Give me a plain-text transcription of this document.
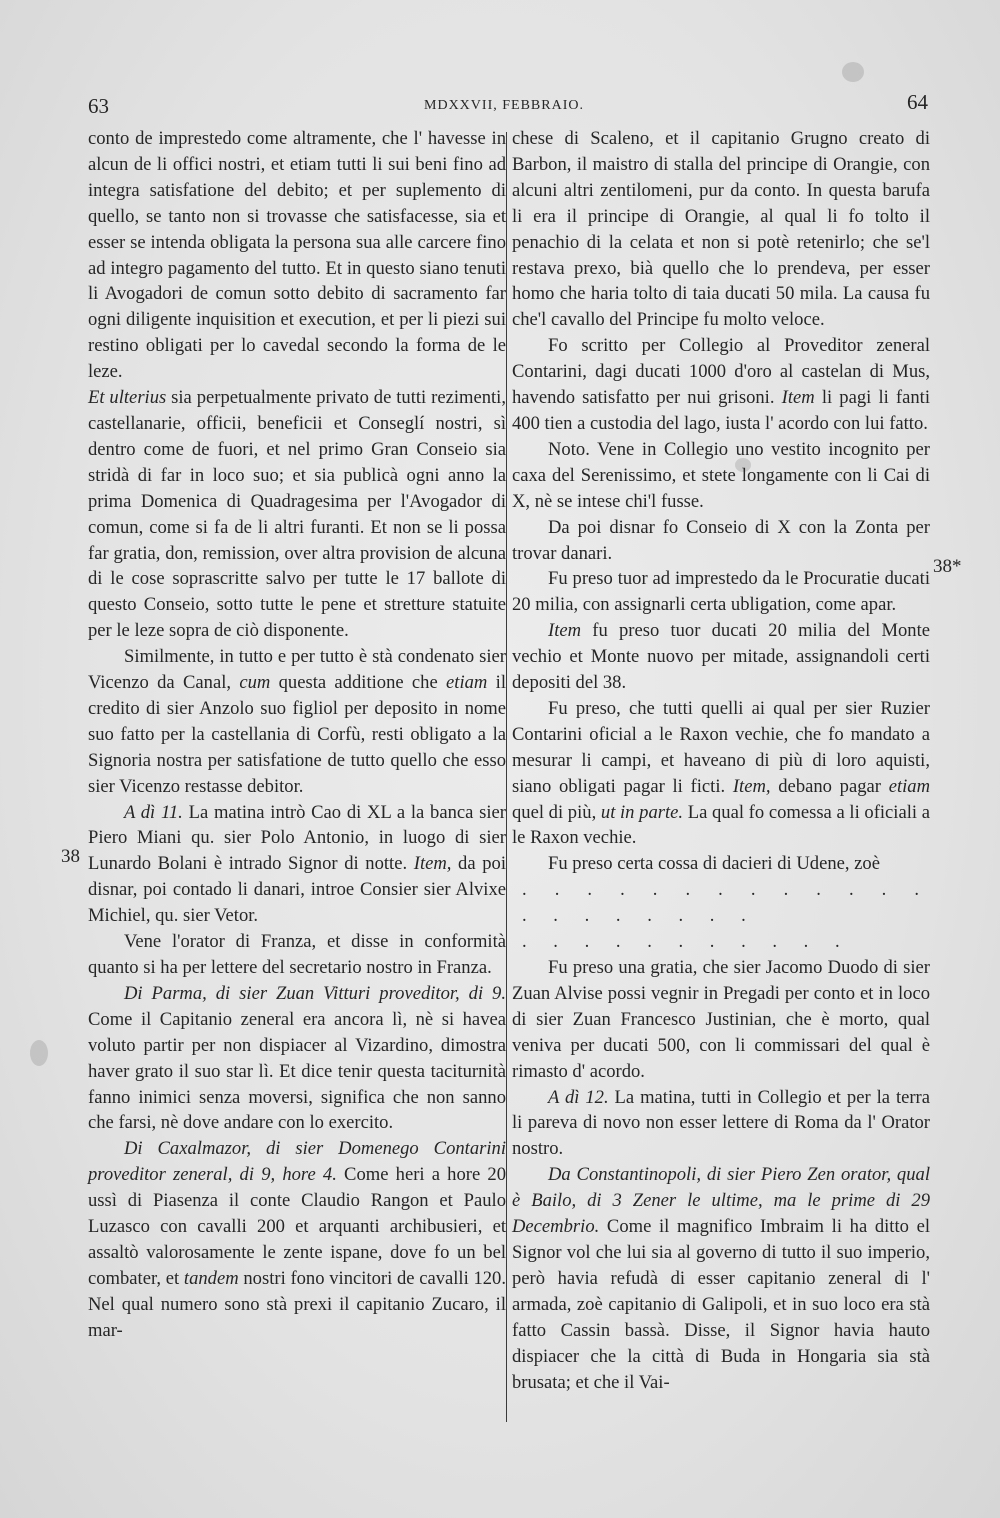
63	MDXXVII, FEBBRAIO.	64
38
38*

conto de imprestedo come altramente, che l' havesse in alcun de li offici nostri, et etiam tutti li sui beni fino ad integra satisfatione del debito; et per suplemento di quello, se tanto non si trovasse che satisfacesse, sia et esser se intenda obligata la persona sua alle carcere fino ad integro pagamento del tutto. Et in questo siano tenuti li Avogadori de comun sotto debito di sacramento far ogni diligente inquisition et execution, et per li piezi sui restino obligati per lo cavedal secondo la forma de le leze.

Et ulterius sia perpetualmente privato de tutti rezimenti, castellanarie, officii, beneficii et Conseglí nostri, sì dentro come de fuori, et nel primo Gran Conseio sia stridà di far in loco suo; et sia publicà ogni anno la prima Domenica di Quadragesima per l'Avogador di comun, come si fa de li altri furanti. Et non se li possa far gratia, don, remission, over altra provision de alcuna di le cose soprascritte salvo per tutte le 17 ballote di questo Conseio, sotto tutte le pene et stretture statuite per le leze sopra de ciò disponente.

Similmente, in tutto e per tutto è stà condenato sier Vicenzo da Canal, cum questa additione che etiam il credito di sier Anzolo suo figliol per deposito in nome suo fatto per la castellania di Corfù, resti obligato a la Signoria nostra per satisfatione de tutto quello che esso sier Vicenzo restasse debitor.

A dì 11. La matina intrò Cao di XL a la banca sier Piero Miani qu. sier Polo Antonio, in luogo di sier Lunardo Bolani è intrado Signor di notte. Item, da poi disnar, poi contado li danari, introe Consier sier Alvixe Michiel, qu. sier Vetor.

Vene l'orator di Franza, et disse in conformità quanto si ha per lettere del secretario nostro in Franza.

Di Parma, di sier Zuan Vitturi proveditor, di 9. Come il Capitanio zeneral era ancora lì, nè si havea voluto partir per non dispiacer al Vizardino, dimostra haver grato il suo star lì. Et dice tenir questa taciturnità fanno inimici senza moversi, significa che non sanno che farsi, nè dove andare con lo exercito.

Di Caxalmazor, di sier Domenego Contarini proveditor zeneral, di 9, hore 4. Come heri a hore 20 ussì di Piasenza il conte Claudio Rangon et Paulo Luzasco con cavalli 200 et arquanti archibusieri, et assaltò valorosamente le zente ispane, dove fo un bel combater, et tandem nostri fono vincitori de cavalli 120. Nel qual numero sono stà prexi il capitanio Zucaro, il mar-

chese di Scaleno, et il capitanio Grugno creato di Barbon, il maistro di stalla del principe di Orangie, con alcuni altri zentilomeni, pur da conto. In questa barufa li era il principe di Orangie, al qual li fo tolto il penachio di la celata et non si potè retenirlo; che se'l restava prexo, bià quello che lo prendeva, per esser homo che haria tolto di taia ducati 50 mila. La causa fu che'l cavallo del Principe fu molto veloce.

Fo scritto per Collegio al Proveditor zeneral Contarini, dagi ducati 1000 d'oro al castelan di Mus, havendo satisfatto per nui grisoni. Item li pagi li fanti 400 tien a custodia del lago, iusta l' acordo con lui fatto.

Noto. Vene in Collegio uno vestito incognito per caxa del Serenissimo, et stete longamente con li Cai di X, nè se intese chi'l fusse.

Da poi disnar fo Conseio di X con la Zonta per trovar danari.

Fu preso tuor ad imprestedo da le Procuratie ducati 20 milia, con assignarli certa ubligation, come apar.

Item fu preso tuor ducati 20 milia del Monte vechio et Monte nuovo per mitade, assignandoli certi depositi del 38.

Fu preso, che tutti quelli ai qual per sier Ruzier Contarini oficial a le Raxon vechie, che fo mandato a mesurar li campi, et haveano di più di loro aquisti, siano obligati pagar li ficti. Item, debano pagar etiam quel di più, ut in parte. La qual fo comessa a li oficiali a le Raxon vechie.

Fu preso certa cossa di dacieri di Udene, zoè

. . . . . . . . . . . . . . . . . . . . .

. . . . . . . . . . .

Fu preso una gratia, che sier Jacomo Duodo di sier Zuan Alvise possi vegnir in Pregadi per conto et in loco di sier Zuan Francesco Justinian, che è morto, qual veniva per ducati 500, con li commissari del qual è rimasto d' acordo.

A dì 12. La matina, tutti in Collegio et per la terra li pareva di novo non esser lettere di Roma da l' Orator nostro.

Da Constantinopoli, di sier Piero Zen orator, qual è Bailo, di 3 Zener le ultime, ma le prime di 29 Decembrio. Come il magnifico Imbraim li ha ditto el Signor vol che lui sia al governo di tutto il suo imperio, però havia refudà di esser capitanio zeneral di l' armada, zoè capitanio di Galipoli, et in suo loco era stà fatto Cassin bassà. Disse, il Signor havia hauto dispiacer che la città di Buda in Hongaria sia stà brusata; et che il Vai-
